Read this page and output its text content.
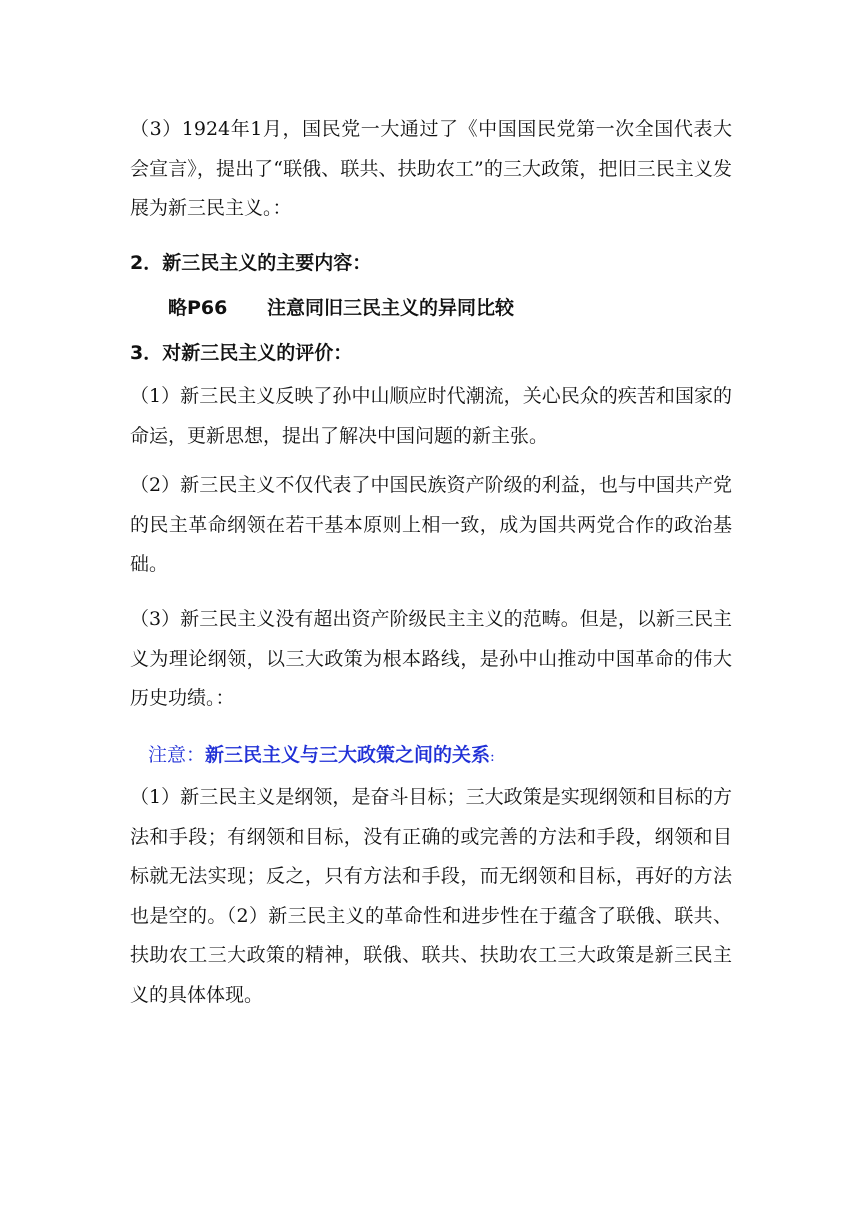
（3）1924年1月，国民党一大通过了《中国国民党第一次全国代表大会宣言》，提出了“联俄、联共、扶助农工”的三大政策，把旧三民主义发展为新三民主义。：

2．新三民主义的主要内容：

略P66      注意同旧三民主义的异同比较

3．对新三民主义的评价：

（1）新三民主义反映了孙中山顺应时代潮流，关心民众的疾苦和国家的命运，更新思想，提出了解决中国问题的新主张。

（2）新三民主义不仅代表了中国民族资产阶级的利益，也与中国共产党的民主革命纲领在若干基本原则上相一致，成为国共两党合作的政治基础。

（3）新三民主义没有超出资产阶级民主主义的范畴。但是，以新三民主义为理论纲领，以三大政策为根本路线，是孙中山推动中国革命的伟大历史功绩。：

注意：新三民主义与三大政策之间的关系:

（1）新三民主义是纲领，是奋斗目标；三大政策是实现纲领和目标的方法和手段；有纲领和目标，没有正确的或完善的方法和手段，纲领和目标就无法实现；反之，只有方法和手段，而无纲领和目标，再好的方法也是空的。（2）新三民主义的革命性和进步性在于蕴含了联俄、联共、扶助农工三大政策的精神，联俄、联共、扶助农工三大政策是新三民主义的具体体现。
